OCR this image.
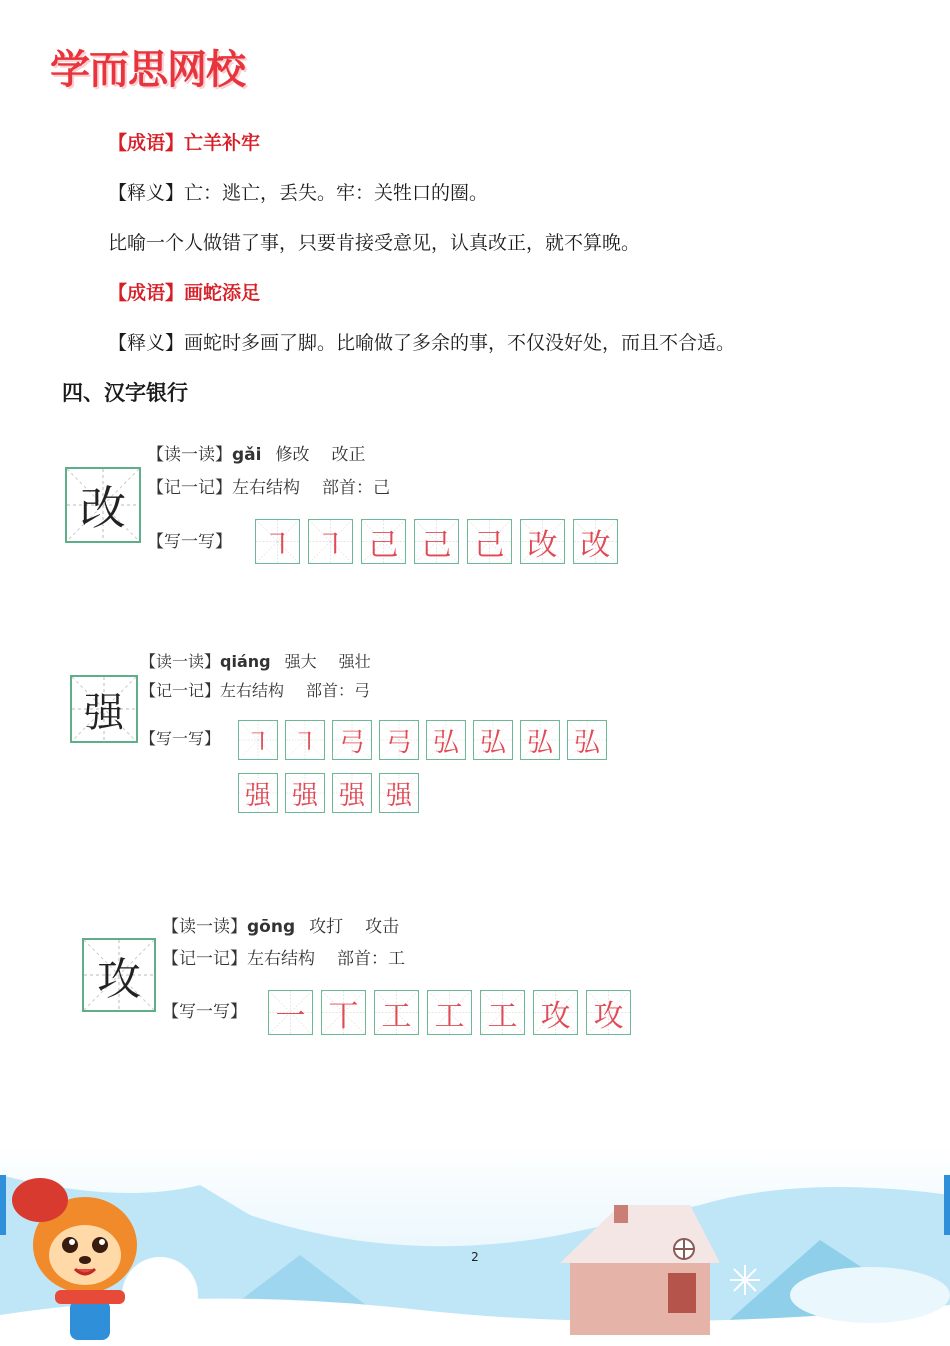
学而思网校
【成语】亡羊补牢
【释义】亡：逃亡，丢失。牢：关牲口的圈。
比喻一个人做错了事，只要肯接受意见，认真改正，就不算晚。
【成语】画蛇添足
【释义】画蛇时多画了脚。比喻做了多余的事，不仅没好处，而且不合适。
四、汉字银行
改
【读一读】gǎi 修改 改正
【记一记】左右结构 部首：己
【写一写】 ㇕ ㇕ 己 己 己 改 改
强
【读一读】qiáng 强大 强壮
【记一记】左右结构 部首：弓
【写一写】 ㇕ ㇕ 弓 弓 弘 弘 弘 弘
强 强 强 强
攻
【读一读】gōng 攻打 攻击
【记一记】左右结构 部首：工
【写一写】 一 丅 工 工 工 攻 攻
2
